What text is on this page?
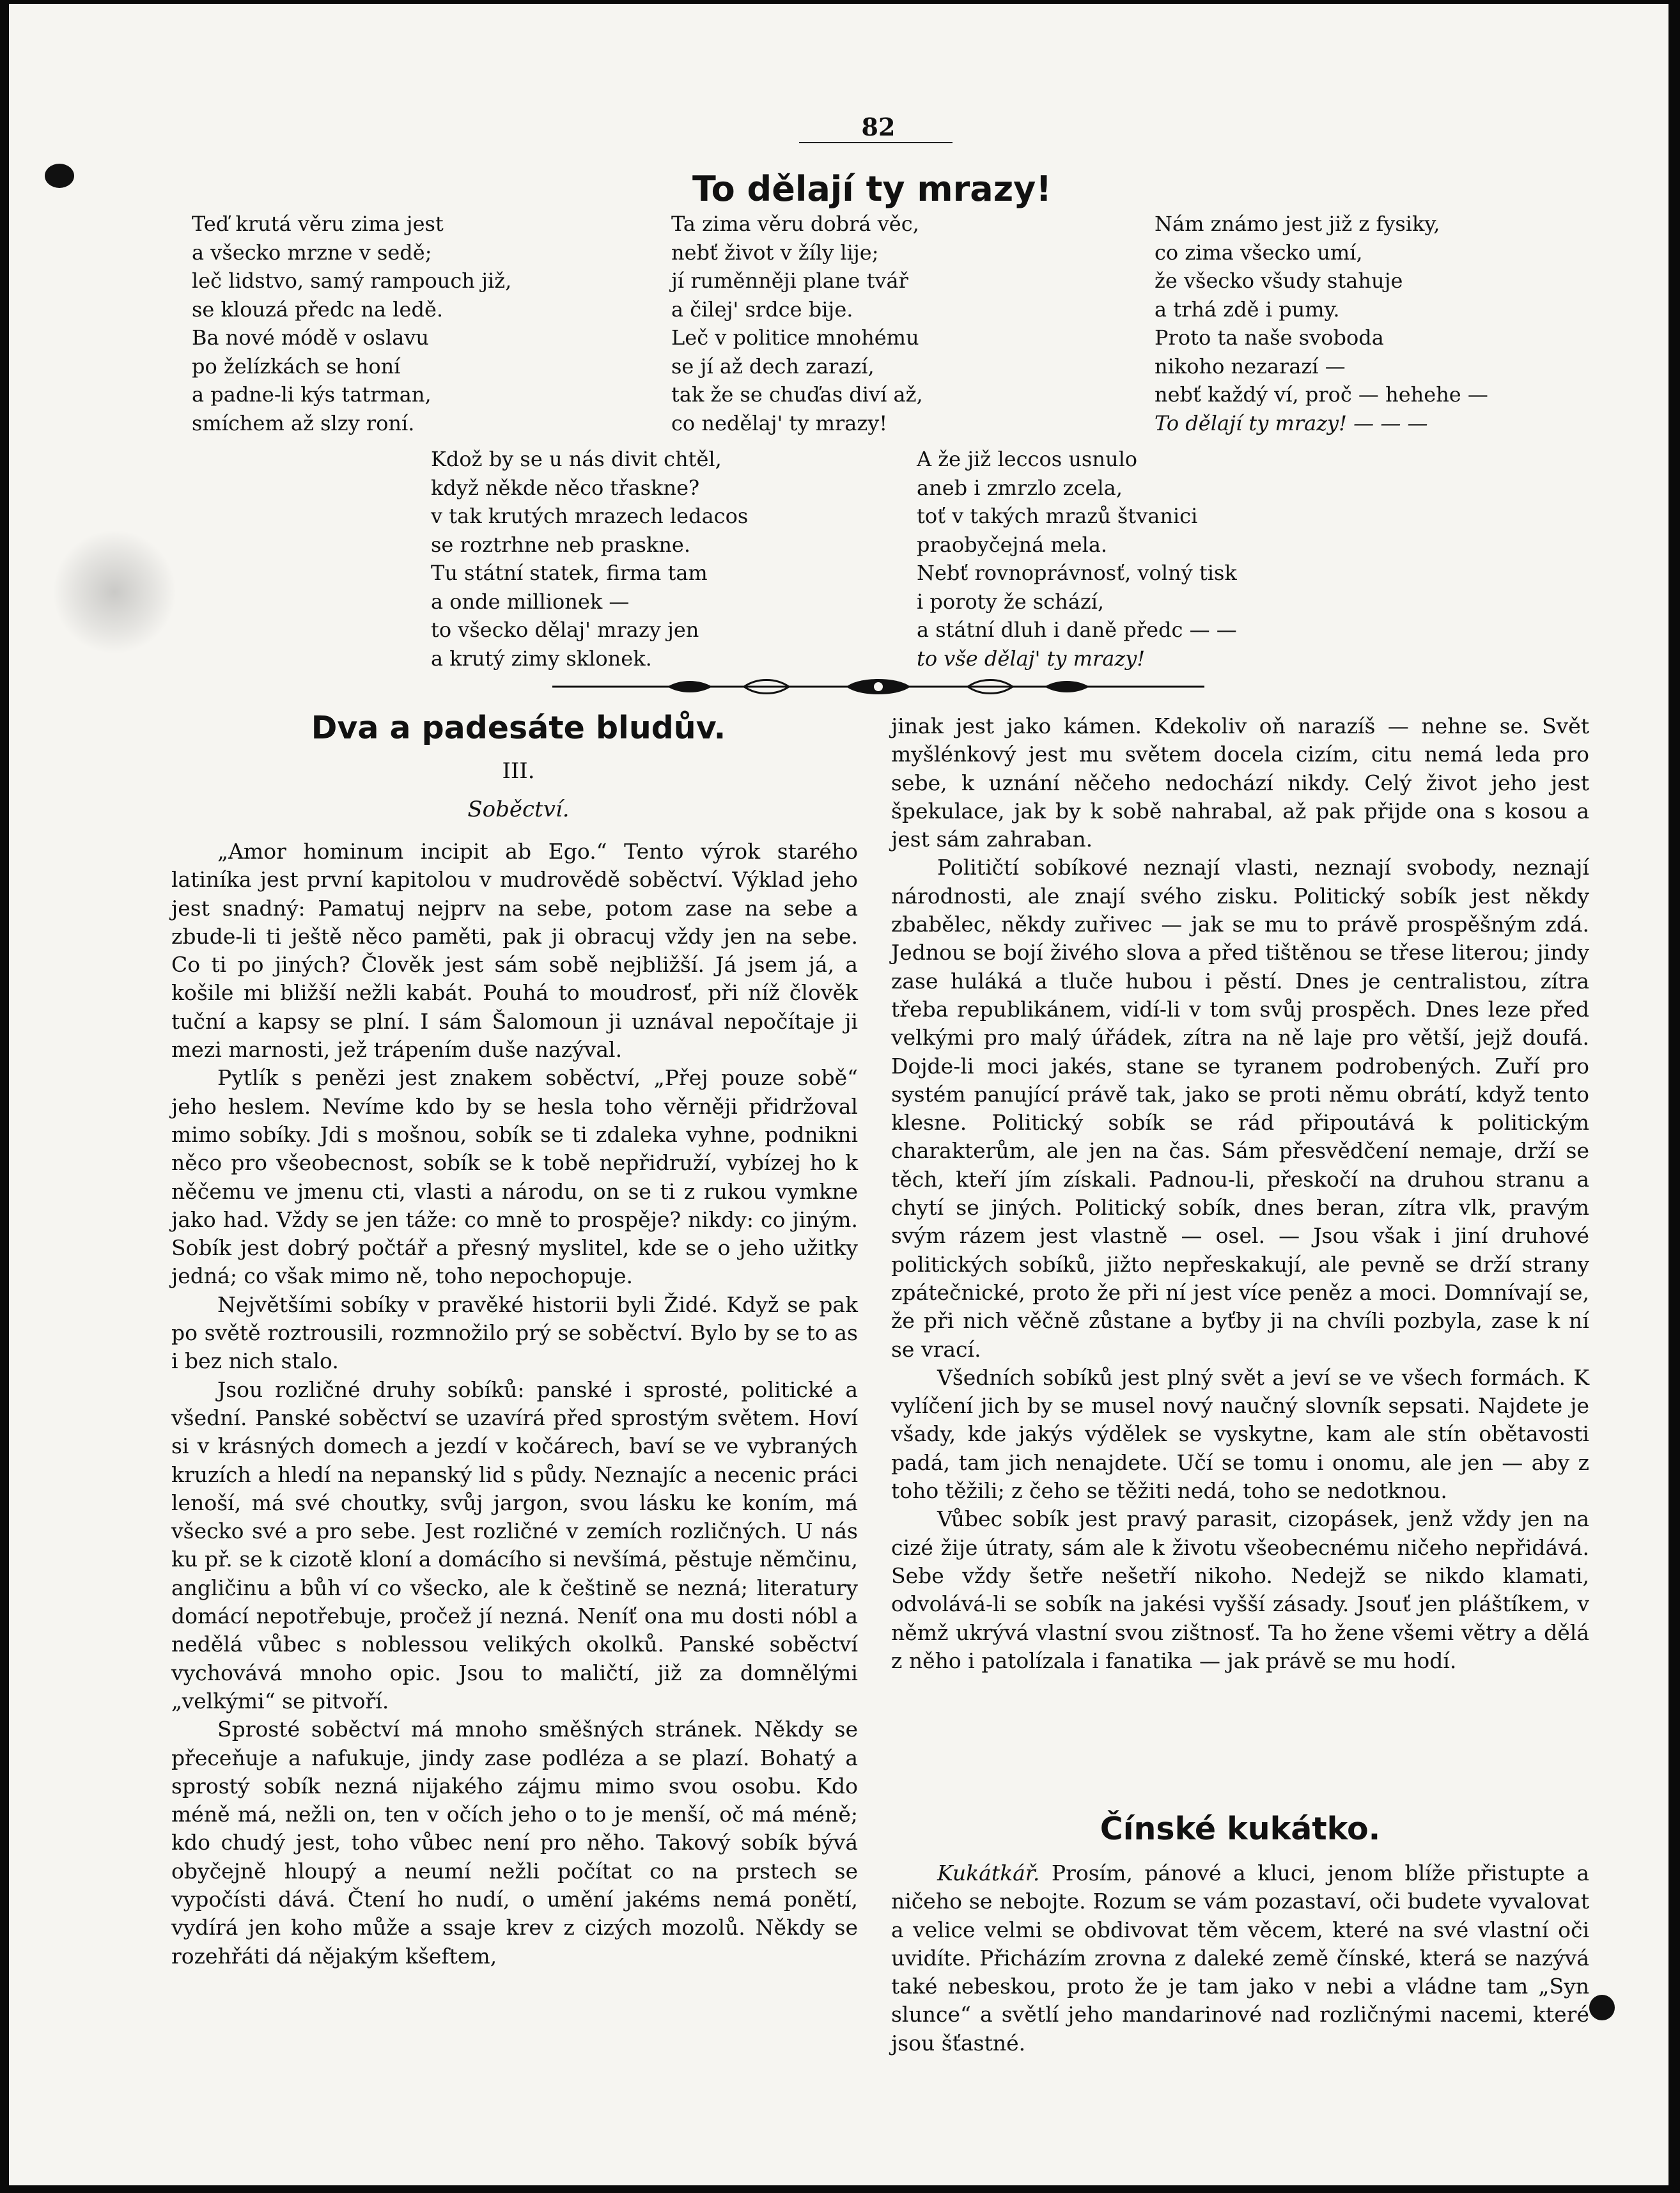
82
To dělají ty mrazy!
Teď krutá věru zima jest
a všecko mrzne v sedě;
leč lidstvo, samý rampouch již,
se klouzá předc na ledě.
Ba nové módě v oslavu
po želízkách se honí
a padne-li kýs tatrman,
smíchem až slzy roní.
Ta zima věru dobrá věc,
nebť život v žíly lije;
jí ruměnněji plane tvář
a čilej' srdce bije.
Leč v politice mnohému
se jí až dech zarazí,
tak že se chuďas diví až,
co nedělaj' ty mrazy!
Nám známo jest již z fysiky,
co zima všecko umí,
že všecko všudy stahuje
a trhá zdě i pumy.
Proto ta naše svoboda
nikoho nezarazí —
nebť každý ví, proč — hehehe —
To dělají ty mrazy! — — —
Kdož by se u nás divit chtěl,
když někde něco třaskne?
v tak krutých mrazech ledacos
se roztrhne neb praskne.
Tu státní statek, firma tam
a onde millionek —
to všecko dělaj' mrazy jen
a krutý zimy sklonek.
A že již leccos usnulo
aneb i zmrzlo zcela,
toť v takých mrazů štvanici
praobyčejná mela.
Nebť rovnoprávnosť, volný tisk
i poroty že schází,
a státní dluh i daně předc — —
to vše dělaj' ty mrazy!
Dva a padesáte bludův.
III.
Soběctví.

„Amor hominum incipit ab Ego.“ Tento výrok starého latiníka jest první kapitolou v mudrovědě soběctví. Výklad jeho jest snadný: Pamatuj nejprv na sebe, potom zase na sebe a zbude-li ti ještě něco paměti, pak ji obracuj vždy jen na sebe. Co ti po jiných? Člověk jest sám sobě nejbližší. Já jsem já, a košile mi bližší nežli kabát. Pouhá to moudrosť, při níž člověk tuční a kapsy se plní. I sám Šalomoun ji uznával nepočítaje ji mezi marnosti, jež trápením duše nazýval.

Pytlík s penězi jest znakem soběctví, „Přej pouze sobě“ jeho heslem. Nevíme kdo by se hesla toho věrněji přidržoval mimo sobíky. Jdi s mošnou, sobík se ti zdaleka vyhne, podnikni něco pro všeobecnost, sobík se k tobě nepřidruží, vybízej ho k něčemu ve jmenu cti, vlasti a národu, on se ti z rukou vymkne jako had. Vždy se jen táže: co mně to prospěje? nikdy: co jiným. Sobík jest dobrý počtář a přesný myslitel, kde se o jeho užitky jedná; co však mimo ně, toho nepochopuje.

Největšími sobíky v pravěké historii byli Židé. Když se pak po světě roztrousili, rozmnožilo prý se soběctví. Bylo by se to as i bez nich stalo.

Jsou rozličné druhy sobíků: panské i sprosté, politické a všední. Panské soběctví se uzavírá před sprostým světem. Hoví si v krásných domech a jezdí v kočárech, baví se ve vybraných kruzích a hledí na nepanský lid s půdy. Neznajíc a necenic práci lenoší, má své choutky, svůj jargon, svou lásku ke koním, má všecko své a pro sebe. Jest rozličné v zemích rozličných. U nás ku př. se k cizotě kloní a domácího si nevšímá, pěstuje němčinu, angličinu a bůh ví co všecko, ale k češtině se nezná; literatury domácí nepotřebuje, pročež jí nezná. Neníť ona mu dosti nóbl a nedělá vůbec s noblessou velikých okolků. Panské soběctví vychovává mnoho opic. Jsou to maličtí, již za domnělými „velkými“ se pitvoří.

Sprosté soběctví má mnoho směšných stránek. Někdy se přeceňuje a nafukuje, jindy zase podléza a se plazí. Bohatý a sprostý sobík nezná nijakého zájmu mimo svou osobu. Kdo méně má, nežli on, ten v očích jeho o to je menší, oč má méně; kdo chudý jest, toho vůbec není pro něho. Takový sobík bývá obyčejně hloupý a neumí nežli počítat co na prstech se vypočísti dává. Čtení ho nudí, o umění jakéms nemá ponětí, vydírá jen koho může a ssaje krev z cizých mozolů. Někdy se rozehřáti dá nějakým kšeftem,

jinak jest jako kámen. Kdekoliv oň narazíš — nehne se. Svět myšlénkový jest mu světem docela cizím, citu nemá leda pro sebe, k uznání něčeho nedochází nikdy. Celý život jeho jest špekulace, jak by k sobě nahrabal, až pak přijde ona s kosou a jest sám zahraban.

Političtí sobíkové neznají vlasti, neznají svobody, neznají národnosti, ale znají svého zisku. Politický sobík jest někdy zbabělec, někdy zuřivec — jak se mu to právě prospěšným zdá. Jednou se bojí živého slova a před tištěnou se třese literou; jindy zase huláká a tluče hubou i pěstí. Dnes je centralistou, zítra třeba republikánem, vidí-li v tom svůj prospěch. Dnes leze před velkými pro malý úřádek, zítra na ně laje pro větší, jejž doufá. Dojde-li moci jakés, stane se tyranem podrobených. Zuří pro systém panující právě tak, jako se proti němu obrátí, když tento klesne. Politický sobík se rád připoutává k politickým charakterům, ale jen na čas. Sám přesvědčení nemaje, drží se těch, kteří jím získali. Padnou-li, přeskočí na druhou stranu a chytí se jiných. Politický sobík, dnes beran, zítra vlk, pravým svým rázem jest vlastně — osel. — Jsou však i jiní druhové politických sobíků, jižto nepřeskakují, ale pevně se drží strany zpátečnické, proto že při ní jest více peněz a moci. Domnívají se, že při nich věčně zůstane a byťby ji na chvíli pozbyla, zase k ní se vrací.

Všedních sobíků jest plný svět a jeví se ve všech formách. K vylíčení jich by se musel nový naučný slovník sepsati. Najdete je všady, kde jakýs výdělek se vyskytne, kam ale stín obětavosti padá, tam jich nenajdete. Učí se tomu i onomu, ale jen — aby z toho těžili; z čeho se těžiti nedá, toho se nedotknou.

Vůbec sobík jest pravý parasit, cizopásek, jenž vždy jen na cizé žije útraty, sám ale k životu všeobecnému ničeho nepřidává. Sebe vždy šetře nešetří nikoho. Nedejž se nikdo klamati, odvolává-li se sobík na jakési vyšší zásady. Jsouť jen pláštíkem, v němž ukrývá vlastní svou zištnosť. Ta ho žene všemi větry a dělá z něho i patolízala i fanatika — jak právě se mu hodí.

Čínské kukátko.

Kukátkář. Prosím, pánové a kluci, jenom blíže přistupte a ničeho se nebojte. Rozum se vám pozastaví, oči budete vyvalovat a velice velmi se obdivovat těm věcem, které na své vlastní oči uvidíte. Přicházím zrovna z daleké země čínské, která se nazývá také nebeskou, proto že je tam jako v nebi a vládne tam „Syn slunce“ a světlí jeho mandarinové nad rozličnými nacemi, které jsou šťastné.
